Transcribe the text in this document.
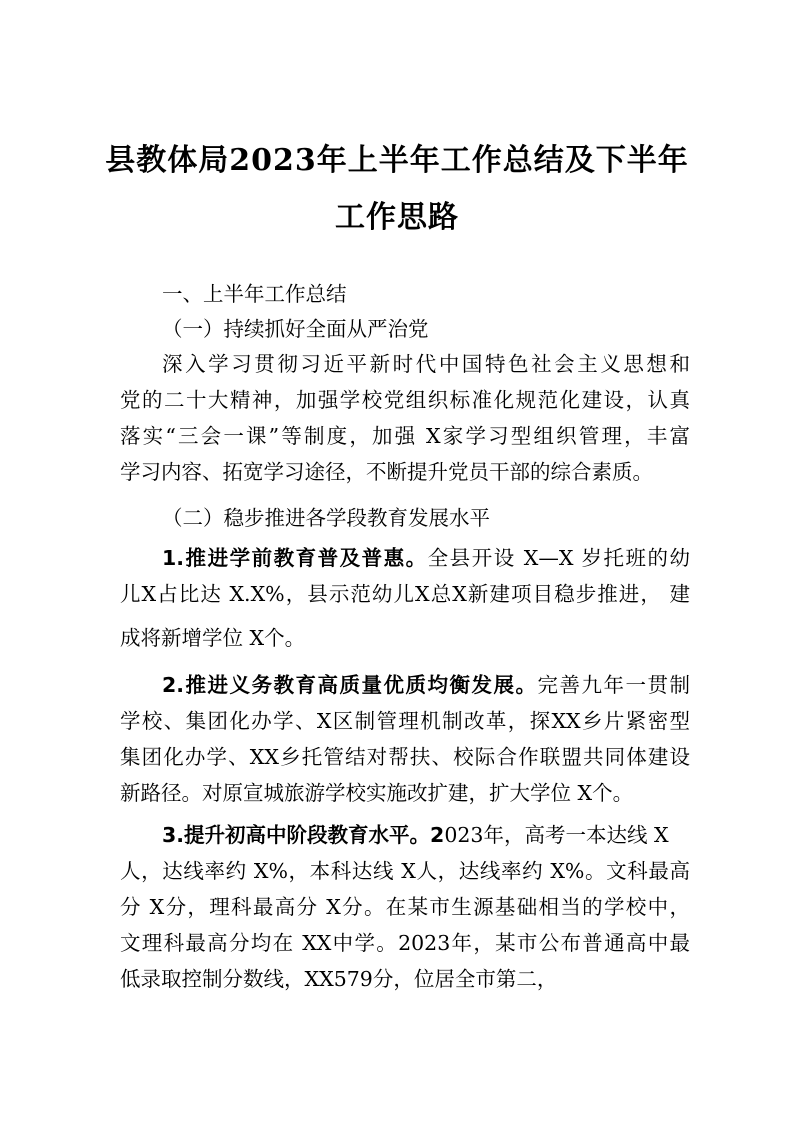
县教体局2023年上半年工作总结及下半年
工作思路
一、上半年工作总结
（一）持续抓好全面从严治党
深入学习贯彻习近平新时代中国特色社会主义思想和
党的二十大精神，加强学校党组织标准化规范化建设，认真
落实“三会一课”等制度，加强 X家学习型组织管理，丰富
学习内容、拓宽学习途径，不断提升党员干部的综合素质。
（二）稳步推进各学段教育发展水平
1.推进学前教育普及普惠。全县开设 X—X 岁托班的幼
儿X占比达 X.X%，县示范幼儿X总X新建项目稳步推进， 建
成将新增学位 X个。
2.推进义务教育高质量优质均衡发展。完善九年一贯制
学校、集团化办学、X区制管理机制改革，探XX乡片紧密型
集团化办学、XX乡托管结对帮扶、校际合作联盟共同体建设
新路径。对原宣城旅游学校实施改扩建，扩大学位 X个。
3.提升初高中阶段教育水平。2023年，高考一本达线 X
人，达线率约 X%，本科达线 X人，达线率约 X%。文科最高
分 X分，理科最高分 X分。在某市生源基础相当的学校中，
文理科最高分均在 XX中学。2023年，某市公布普通高中最
低录取控制分数线，XX579分，位居全市第二，
